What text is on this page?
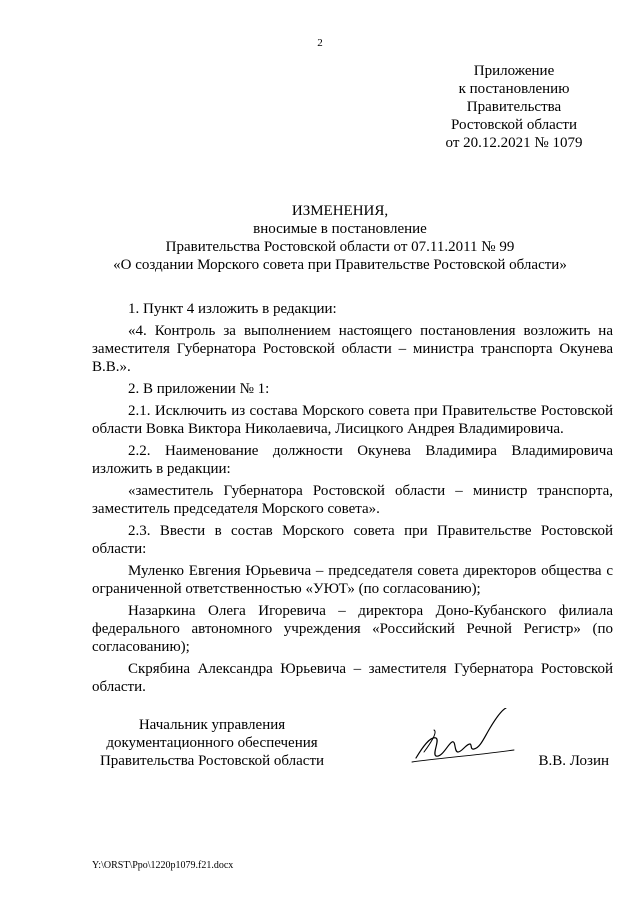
2
Приложение
к постановлению
Правительства
Ростовской области
от 20.12.2021 № 1079
ИЗМЕНЕНИЯ,
вносимые в постановление
Правительства Ростовской области от 07.11.2011 № 99
«О создании Морского совета при Правительстве Ростовской области»

1. Пункт 4 изложить в редакции:

«4. Контроль за выполнением настоящего постановления возложить на заместителя Губернатора Ростовской области – министра транспорта Окунева В.В.».

2. В приложении № 1:

2.1. Исключить из состава Морского совета при Правительстве Ростовской области Вовка Виктора Николаевича, Лисицкого Андрея Владимировича.

2.2. Наименование должности Окунева Владимира Владимировича изложить в редакции:

«заместитель Губернатора Ростовской области – министр транспорта, заместитель председателя Морского совета».

2.3. Ввести в состав Морского совета при Правительстве Ростовской области:

Муленко Евгения Юрьевича – председателя совета директоров общества с ограниченной ответственностью «УЮТ» (по согласованию);

Назаркина Олега Игоревича – директора Доно-Кубанского филиала федерального автономного учреждения «Российский Речной Регистр» (по согласованию);

Скрябина Александра Юрьевича – заместителя Губернатора Ростовской области.

Начальник управления
документационного обеспечения
Правительства Ростовской области	В.В. Лозин
Y:\ORST\Ppo\1220p1079.f21.docx
